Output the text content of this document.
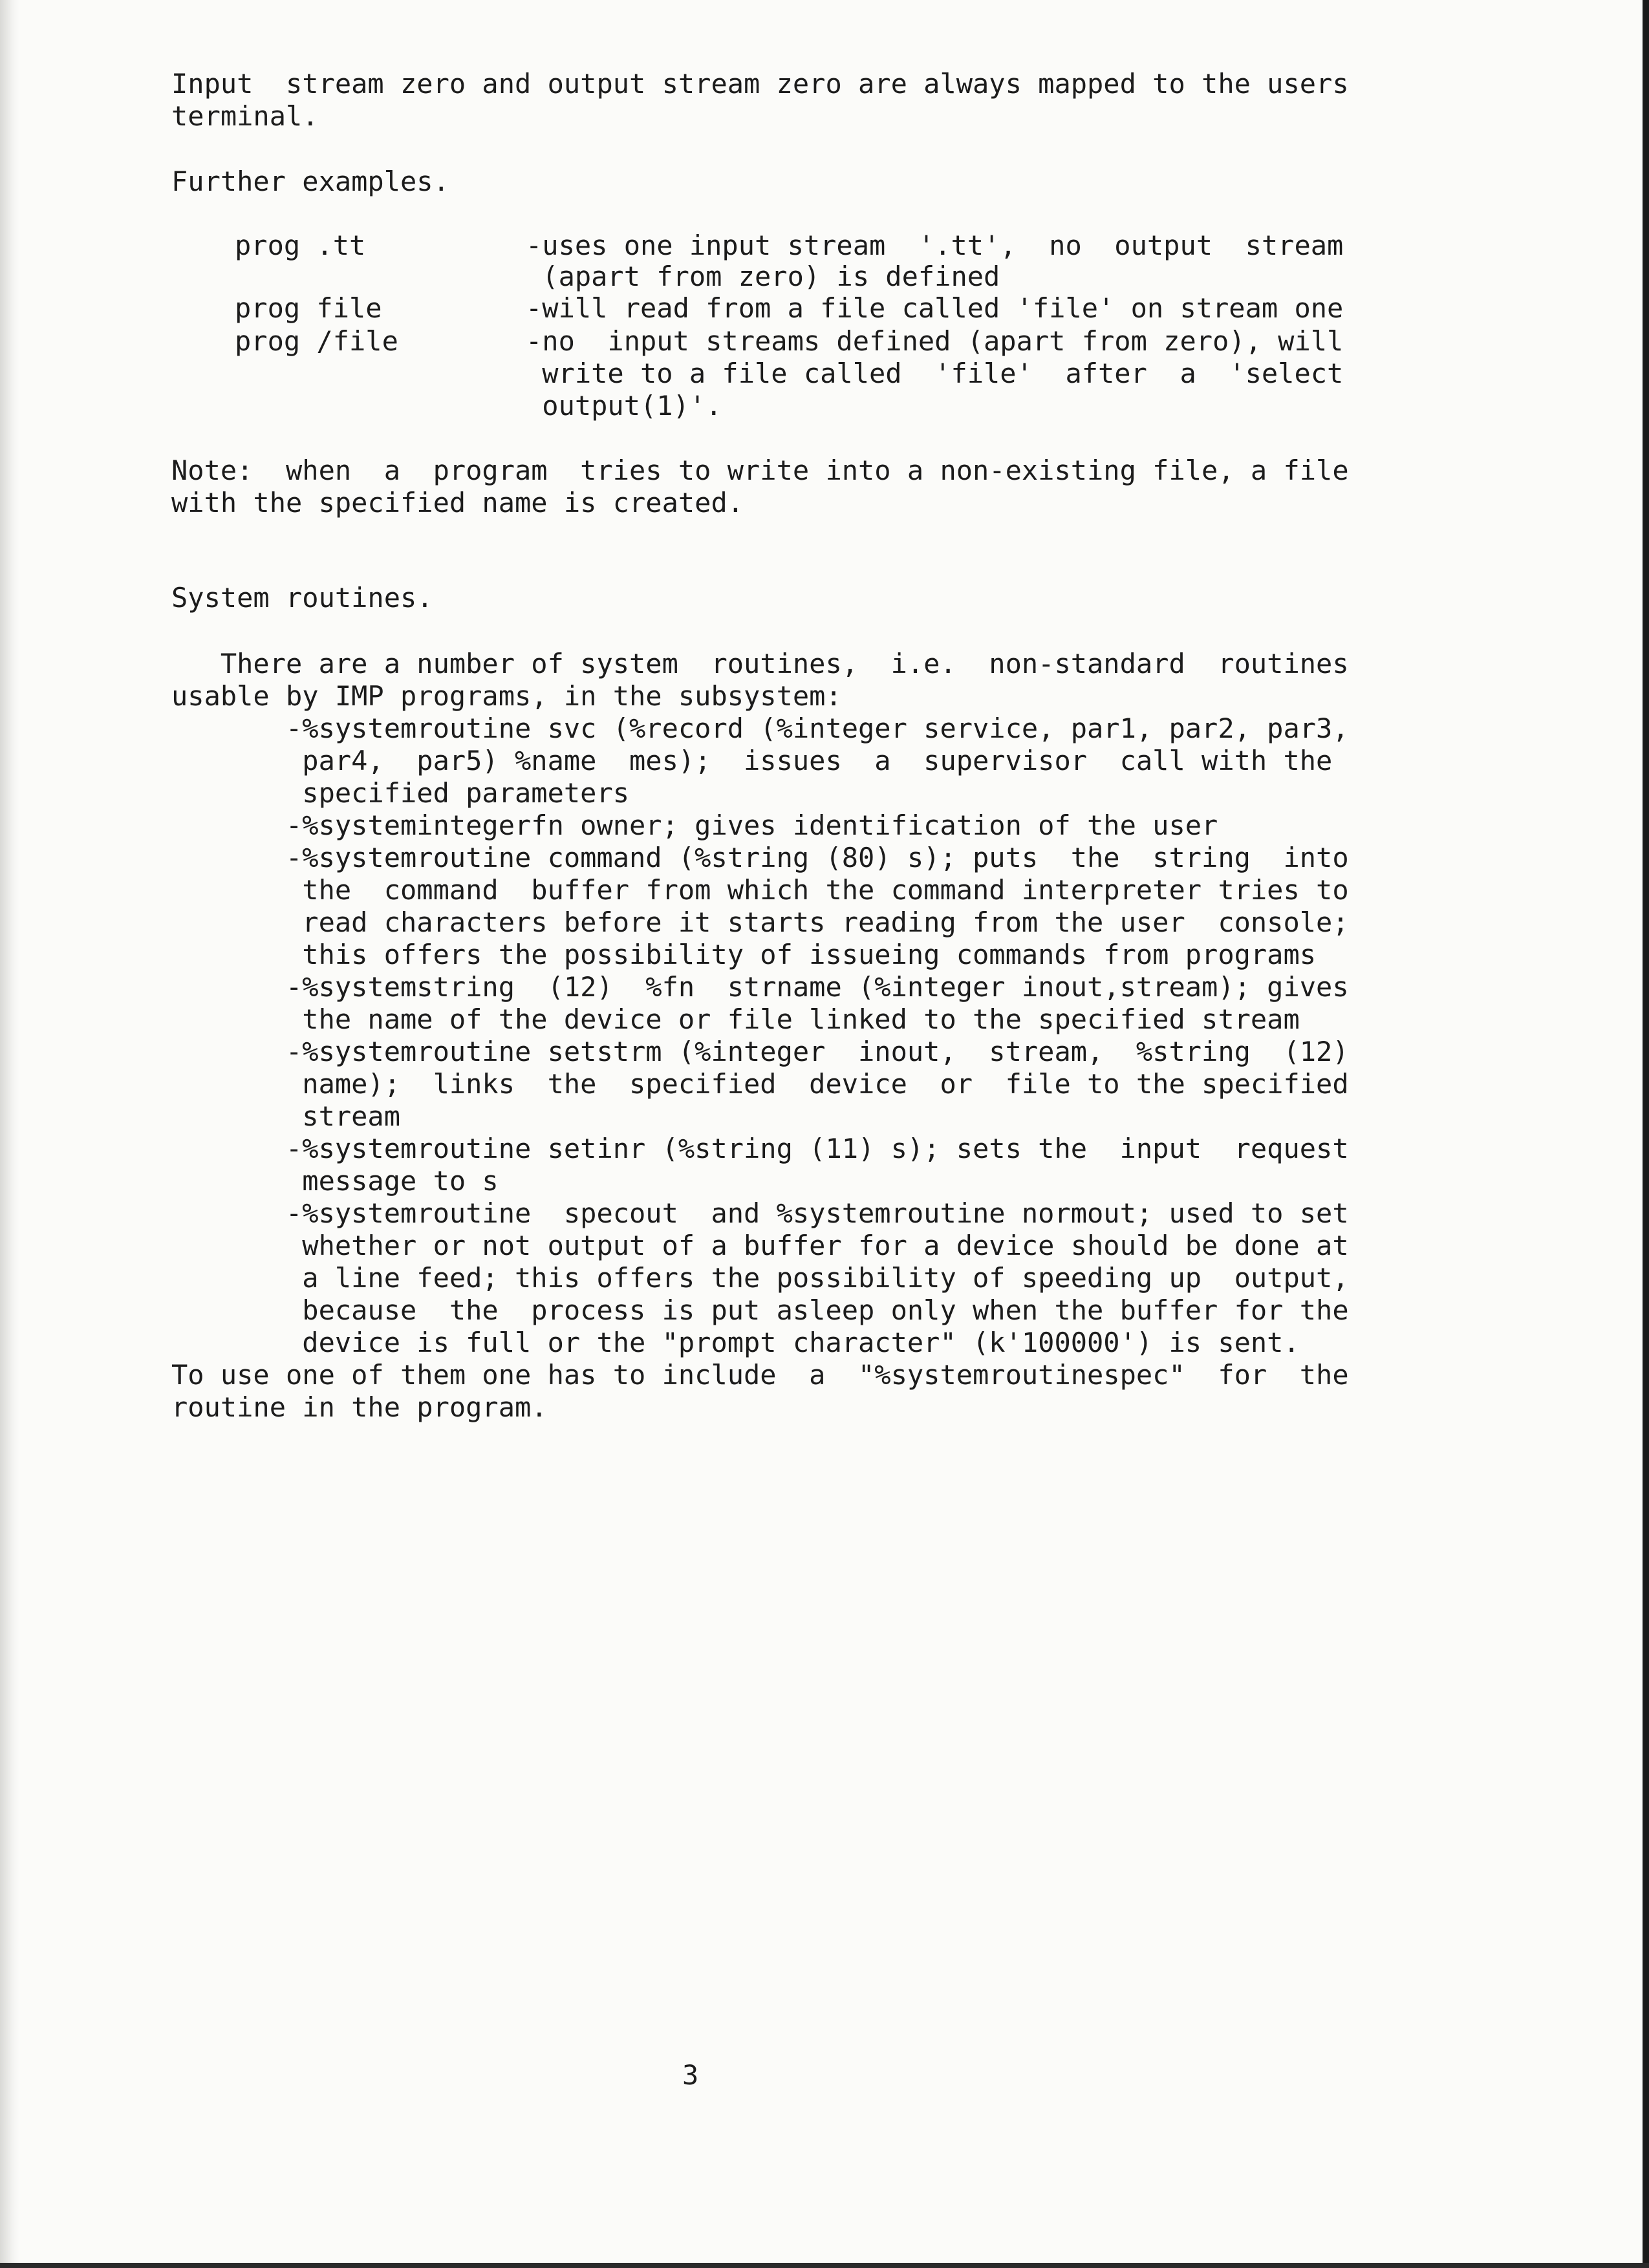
Input  stream zero and output stream zero are always mapped to the users
terminal.
Further examples.
prog .tt	-uses one input stream  '.tt',  no  output  stream
(apart from zero) is defined
prog file	-will read from a file called 'file' on stream one
prog /file	-no  input streams defined (apart from zero), will
write to a file called  'file'  after  a  'select
output(1)'.
Note:  when  a  program  tries to write into a non-existing file, a file
with the specified name is created.
System routines.
There are a number of system  routines,  i.e.  non-standard  routines
usable by IMP programs, in the subsystem:
-%systemroutine svc (%record (%integer service, par1, par2, par3,
par4,  par5) %name  mes);  issues  a  supervisor  call with the
specified parameters
-%systemintegerfn owner; gives identification of the user
-%systemroutine command (%string (80) s); puts  the  string  into
the  command  buffer from which the command interpreter tries to
read characters before it starts reading from the user  console;
this offers the possibility of issueing commands from programs
-%systemstring  (12)  %fn  strname (%integer inout,stream); gives
the name of the device or file linked to the specified stream
-%systemroutine setstrm (%integer  inout,  stream,  %string  (12)
name);  links  the  specified  device  or  file to the specified
stream
-%systemroutine setinr (%string (11) s); sets the  input  request
message to s
-%systemroutine  specout  and %systemroutine normout; used to set
whether or not output of a buffer for a device should be done at
a line feed; this offers the possibility of speeding up  output,
because  the  process is put asleep only when the buffer for the
device is full or the "prompt character" (k'100000') is sent.
To use one of them one has to include  a  "%systemroutinespec"  for  the
routine in the program.
3
